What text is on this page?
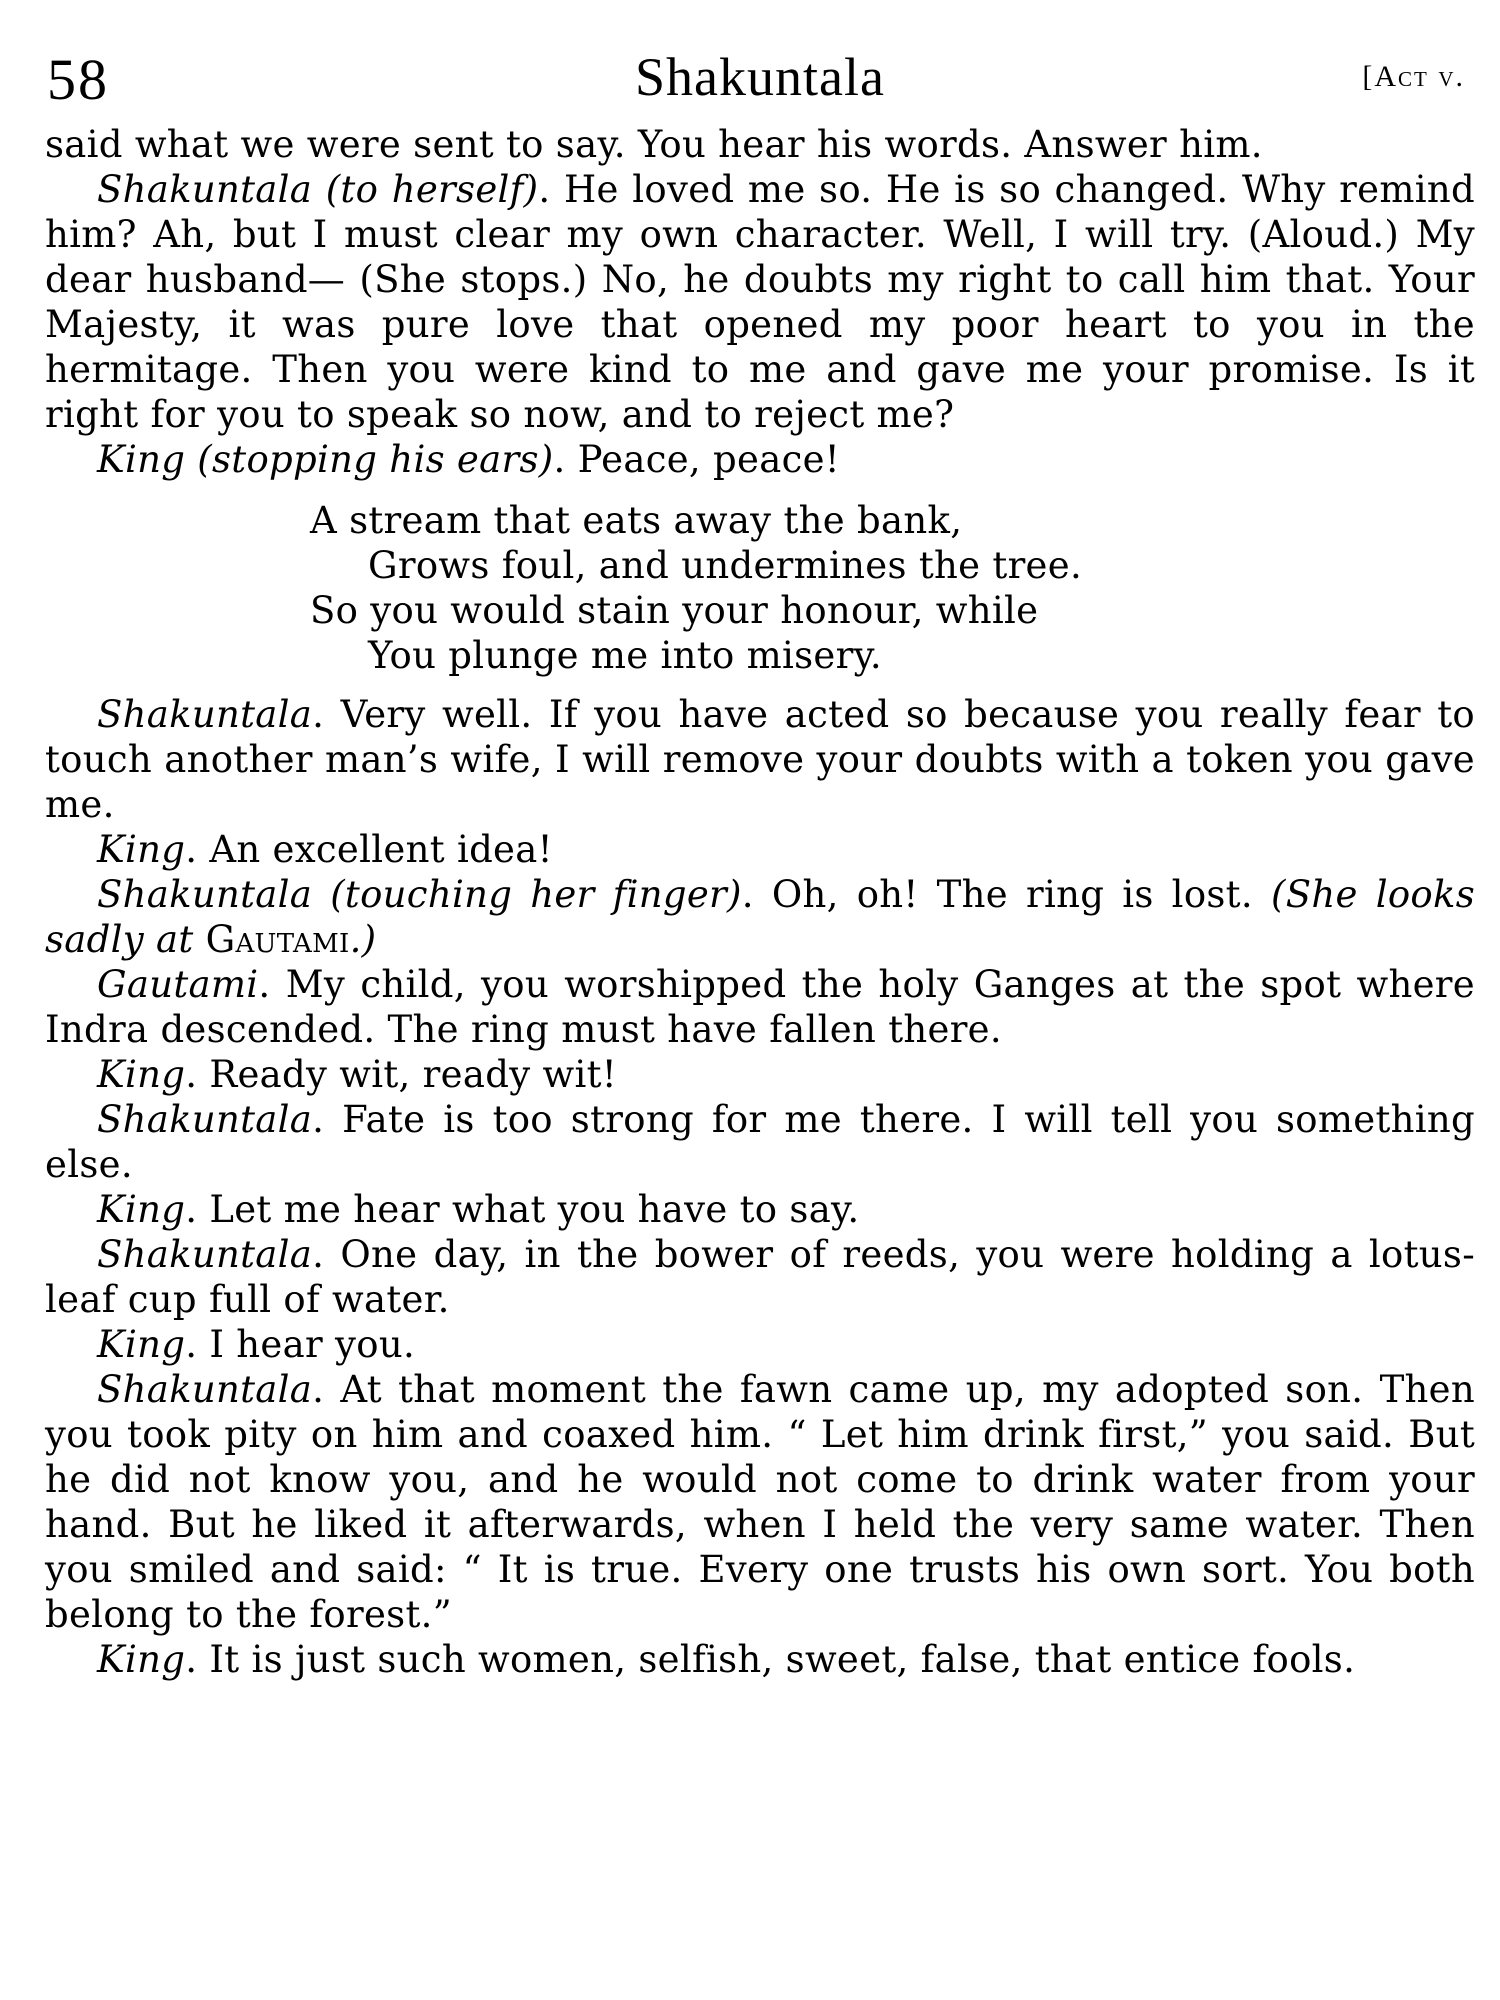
58	Shakuntala	[Act v.

said what we were sent to say. You hear his words. Answer him.

Shakuntala (to herself). He loved me so. He is so changed. Why remind him? Ah, but I must clear my own character. Well, I will try. (Aloud.) My dear husband— (She stops.) No, he doubts my right to call him that. Your Majesty, it was pure love that opened my poor heart to you in the hermitage. Then you were kind to me and gave me your promise. Is it right for you to speak so now, and to reject me?

King (stopping his ears). Peace, peace!

A stream that eats away the bank,

Grows foul, and undermines the tree.

So you would stain your honour, while

You plunge me into misery.

Shakuntala. Very well. If you have acted so because you really fear to touch another man’s wife, I will remove your doubts with a token you gave me.

King. An excellent idea!

Shakuntala (touching her finger). Oh, oh! The ring is lost. (She looks sadly at Gautami.)

Gautami. My child, you worshipped the holy Ganges at the spot where Indra descended. The ring must have fallen there.

King. Ready wit, ready wit!

Shakuntala. Fate is too strong for me there. I will tell you something else.

King. Let me hear what you have to say.

Shakuntala. One day, in the bower of reeds, you were holding a lotus-leaf cup full of water.

King. I hear you.

Shakuntala. At that moment the fawn came up, my adopted son. Then you took pity on him and coaxed him. “ Let him drink first,” you said. But he did not know you, and he would not come to drink water from your hand. But he liked it afterwards, when I held the very same water. Then you smiled and said: “ It is true. Every one trusts his own sort. You both belong to the forest.”

King. It is just such women, selfish, sweet, false, that entice fools.
